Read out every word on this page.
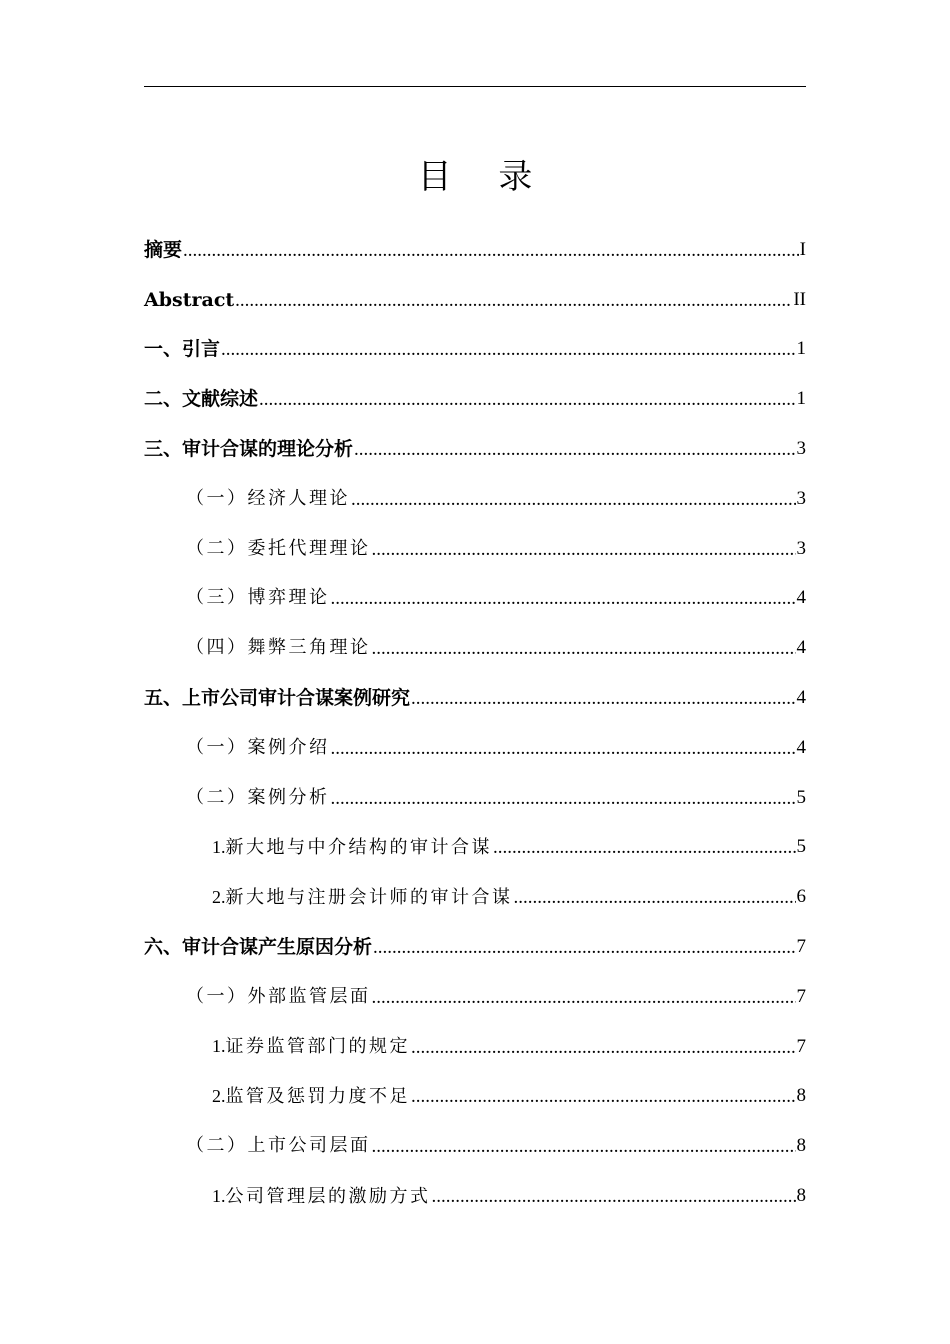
目 录
摘要 .....	I
Abstract .....	II
一、引言 .....	1
二、文献综述 .....	1
三、审计合谋的理论分析 .....	3
（一）经济人理论 .....	3
（二）委托代理理论 .....	3
（三）博弈理论 .....	4
（四）舞弊三角理论 .....	4
五、上市公司审计合谋案例研究 .....	4
（一）案例介绍 .....	4
（二）案例分析 .....	5
1.新大地与中介结构的审计合谋 .....	5
2.新大地与注册会计师的审计合谋 .....	6
六、审计合谋产生原因分析 .....	7
（一）外部监管层面 .....	7
1.证券监管部门的规定 .....	7
2.监管及惩罚力度不足 .....	8
（二）上市公司层面 .....	8
1.公司管理层的激励方式 .....	8
